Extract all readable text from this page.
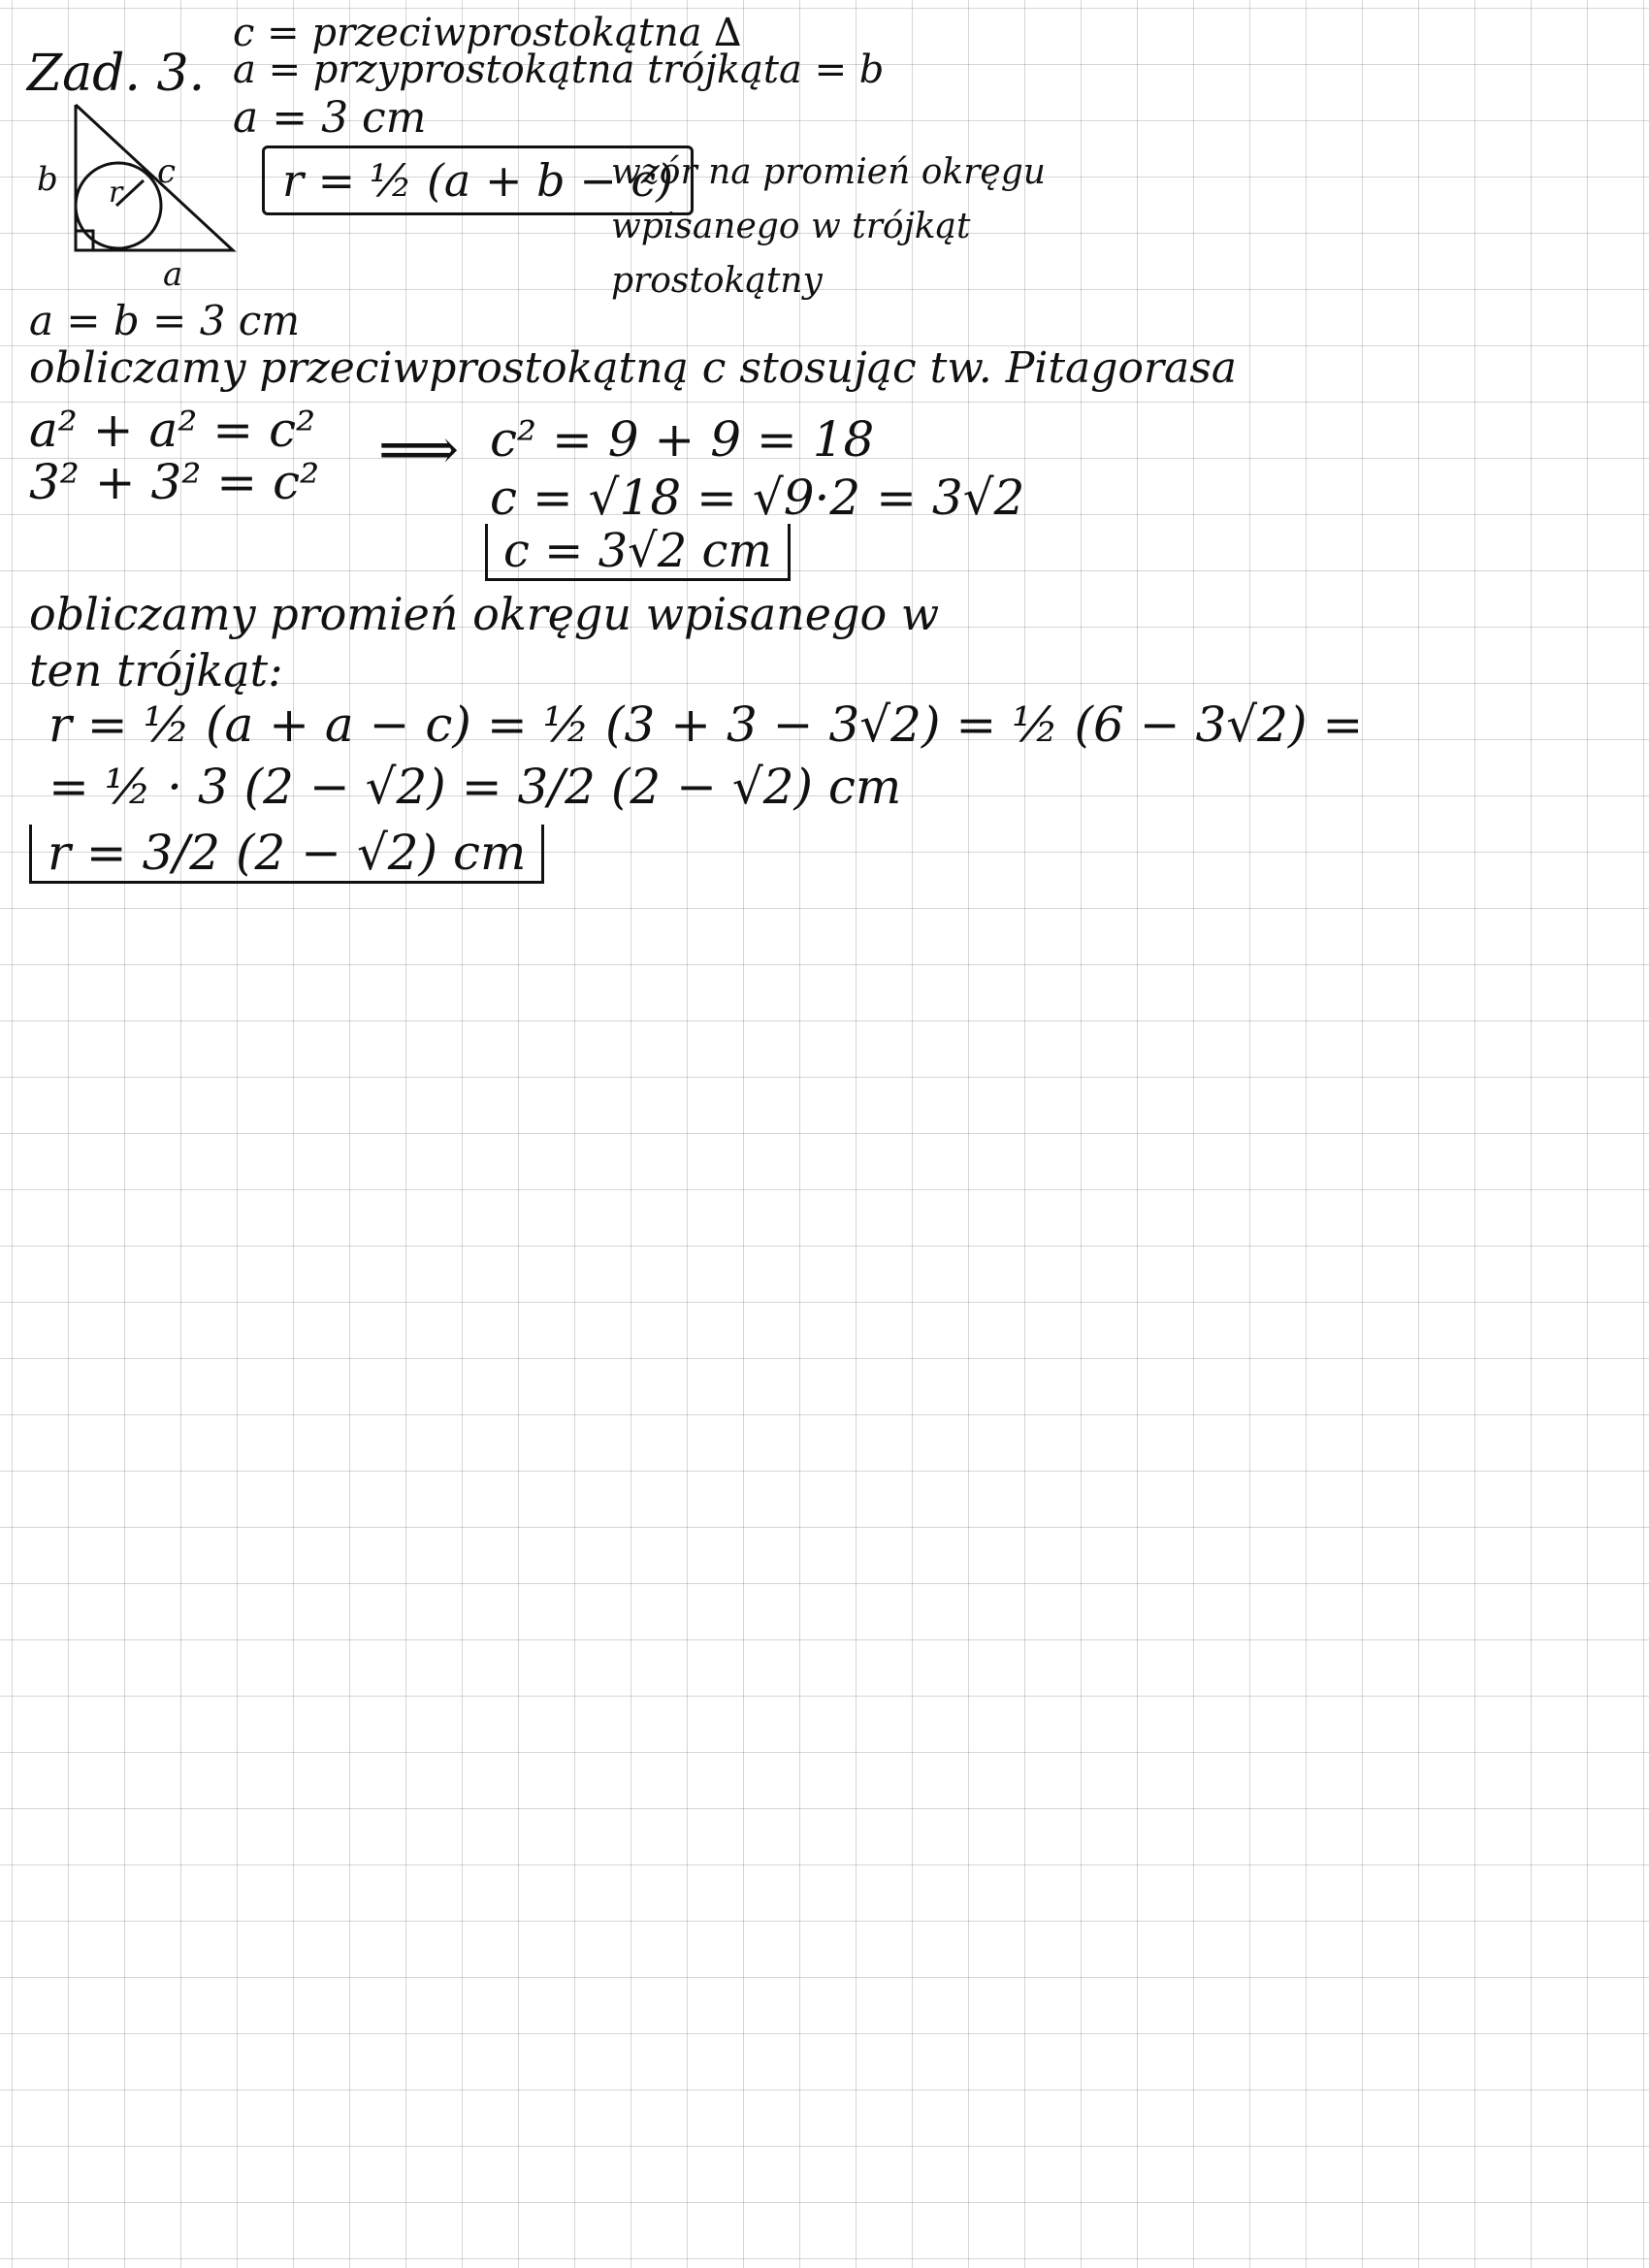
Zad. 3.
c = przeciwprostokątna ∆
a = przyprostokątna trójkąta = b
a = 3 cm
b	c
r
a
r = ½ (a + b − c)
wzór na promień okręgu wpisanego w trójkąt prostokątny
a = b = 3 cm
obliczamy przeciwprostokątną c stosując tw. Pitagorasa
a² + a² = c²
3² + 3² = c² ⟹ c² = 9 + 9 = 18
c = √18 = √9·2 = 3√2
c = 3√2 cm
obliczamy promień okręgu wpisanego w ten trójkąt:
r = ½ (a + a − c) = ½ (3 + 3 − 3√2) = ½ (6 − 3√2) =
= ½ · 3 (2 − √2) = 3/2 (2 − √2) cm
r = 3/2 (2 − √2) cm
